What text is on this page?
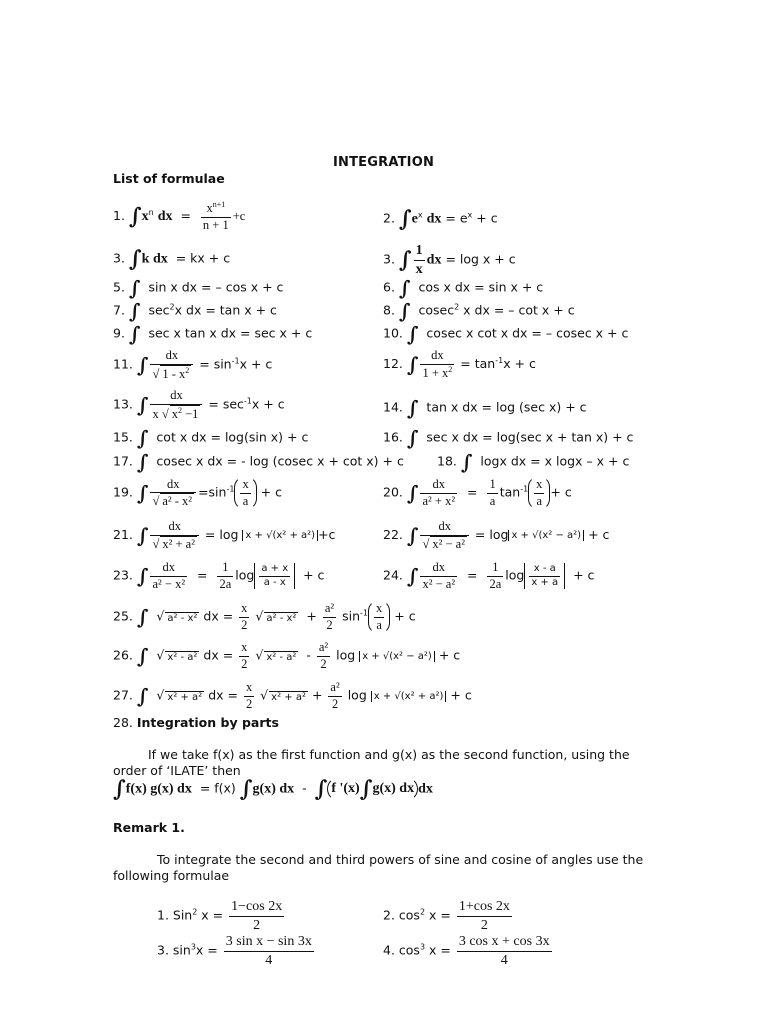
INTEGRATION
List of formulae
1. $\int x^n$ dx = $\frac{x^{n+1}}{n + 1} +c$	2. $\int e^x$ dx = $e^x + c$
3. ∫k dx = kx + c	3. ∫ $\frac{1}{x}$ dx = log x + c
5. ∫ sin x dx = – cos x + c	6. ∫ cos x dx = sin x + c
7. ∫ $\sec^2x$ dx = tan x + c	8. ∫ cosec$^2$ x dx = – cot x + c
9. ∫ sec x tan x dx = sec x + c	10. ∫ cosec x cot x dx = – cosec x + c
11. ∫ $\frac{dx}{√ 1 - x^2} = \sin^{-1}x + c$	12. ∫ $\frac{dx}{1 + x^2} = \tan^{-1}x + c$
13. ∫ $\frac{dx}{x √ x^2 -1} = \sec^{-1}x + c$	14. ∫ tan x dx = log (sec x) + c
15. ∫ cot x dx = log(sin x) + c	16. ∫ sec x dx = log(sec x + tan x) + c
17. ∫ cosec x dx = - log (cosec x + cot x) + c	18. ∫ logx dx = x logx – x + c
19. ∫ $\frac{dx}{\text{√ a² - x²}} =\sin^{-1} \frac{x}{a} + c$	20. ∫ $\frac{dx}{\text{a² + x²}} = \frac{1}{a} \tan^{-1} \frac{x}{a} + c$
21. ∫ $\frac{dx}{\text{√ x² + a²}} = \log x + √(x^2 + a^2) +c$	22. ∫ $\frac{dx}{\text{√ x² − a²}} = \log x + √(x^2 - a^2) + c$
23. ∫ $\frac{dx}{\text{a² − x²}} = \frac{1}{2a}$ $\log \frac{a + x}{a - x} + c$	24. ∫ $\frac{dx}{\text{x² − a²}} = \frac{1}{2a}$ $\log \frac{x - a}{x + a} + c$
25. ∫  √ a² - x² dx = $\frac{x}{2}$ √ $a^2 - x^2 + \frac{\text{a²}}{2} \sin^{-1} \frac{x}{a} + c$
26. ∫  √ x² - a² dx = $\frac{x}{2}$ √ $x^2 - a^2 - \frac{\text{a²}}{2}$ log x + √(x² − a²) + c
27. ∫  √ x² + a² dx = $\frac{x}{2}$ √ $x^2 + a^2 + \frac{\text{a²}}{2}$ log x + √(x² + a²) + c
28. Integration by parts
If we take f(x) as the first function and g(x) as the second function, using the
order of ‘ILATE’ then
∫f(x) g(x) dx = f(x) ∫g(x) dx - ∫ f '(x)∫g(x) dx dx
Remark 1.
To integrate the second and third powers of sine and cosine of angles use the
following formulae
1. Sin$^2$ $x = \frac{1-\cos 2x}{2}$	2. $\cos^2 x = \frac{1+\cos 2x}{2}$
3. $\sin^3x = \frac{\text{3 sin x − sin 3x}}{4}$	4. $\cos^3 x = \frac{\text{3 cos x + cos 3x}}{4}$
